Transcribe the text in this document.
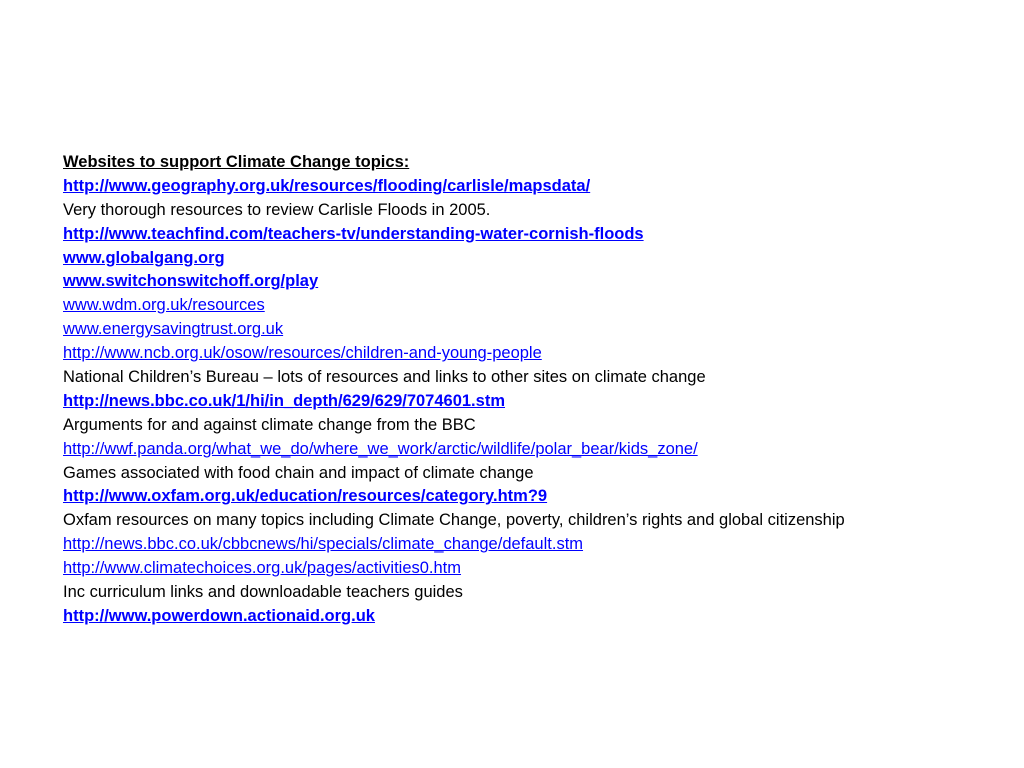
Websites to support Climate Change topics:
http://www.geography.org.uk/resources/flooding/carlisle/mapsdata/
Very thorough resources to review Carlisle Floods in 2005.
http://www.teachfind.com/teachers-tv/understanding-water-cornish-floods
www.globalgang.org
www.switchonswitchoff.org/play
www.wdm.org.uk/resources
www.energysavingtrust.org.uk
http://www.ncb.org.uk/osow/resources/children-and-young-people
National Children’s Bureau – lots of resources and links to other sites on climate change
http://news.bbc.co.uk/1/hi/in_depth/629/629/7074601.stm
Arguments for and against climate change from the BBC
http://wwf.panda.org/what_we_do/where_we_work/arctic/wildlife/polar_bear/kids_zone/
Games associated with food chain and impact of climate change
http://www.oxfam.org.uk/education/resources/category.htm?9
Oxfam resources on many topics including Climate Change, poverty, children’s rights and global citizenship
http://news.bbc.co.uk/cbbcnews/hi/specials/climate_change/default.stm
http://www.climatechoices.org.uk/pages/activities0.htm
Inc curriculum links and downloadable teachers guides
http://www.powerdown.actionaid.org.uk
